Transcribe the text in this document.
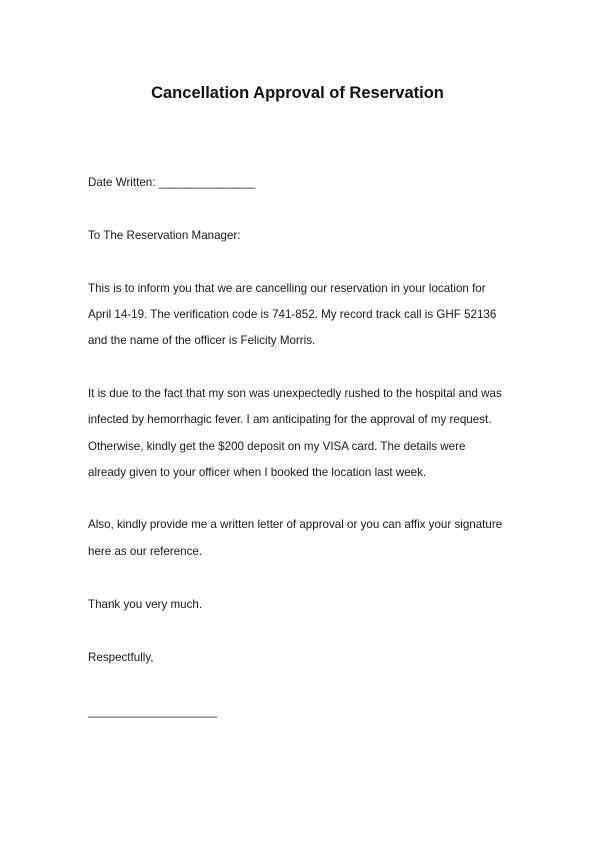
Cancellation Approval of Reservation
Date Written: _______________
To The Reservation Manager:
This is to inform you that we are cancelling our reservation in your location for
April 14-19. The verification code is 741-852. My record track call is GHF 52136
and the name of the officer is Felicity Morris.
It is due to the fact that my son was unexpectedly rushed to the hospital and was
infected by hemorrhagic fever. I am anticipating for the approval of my request.
Otherwise, kindly get the $200 deposit on my VISA card. The details were
already given to your officer when I booked the location last week.
Also, kindly provide me a written letter of approval or you can affix your signature
here as our reference.
Thank you very much.
Respectfully,
____________________
